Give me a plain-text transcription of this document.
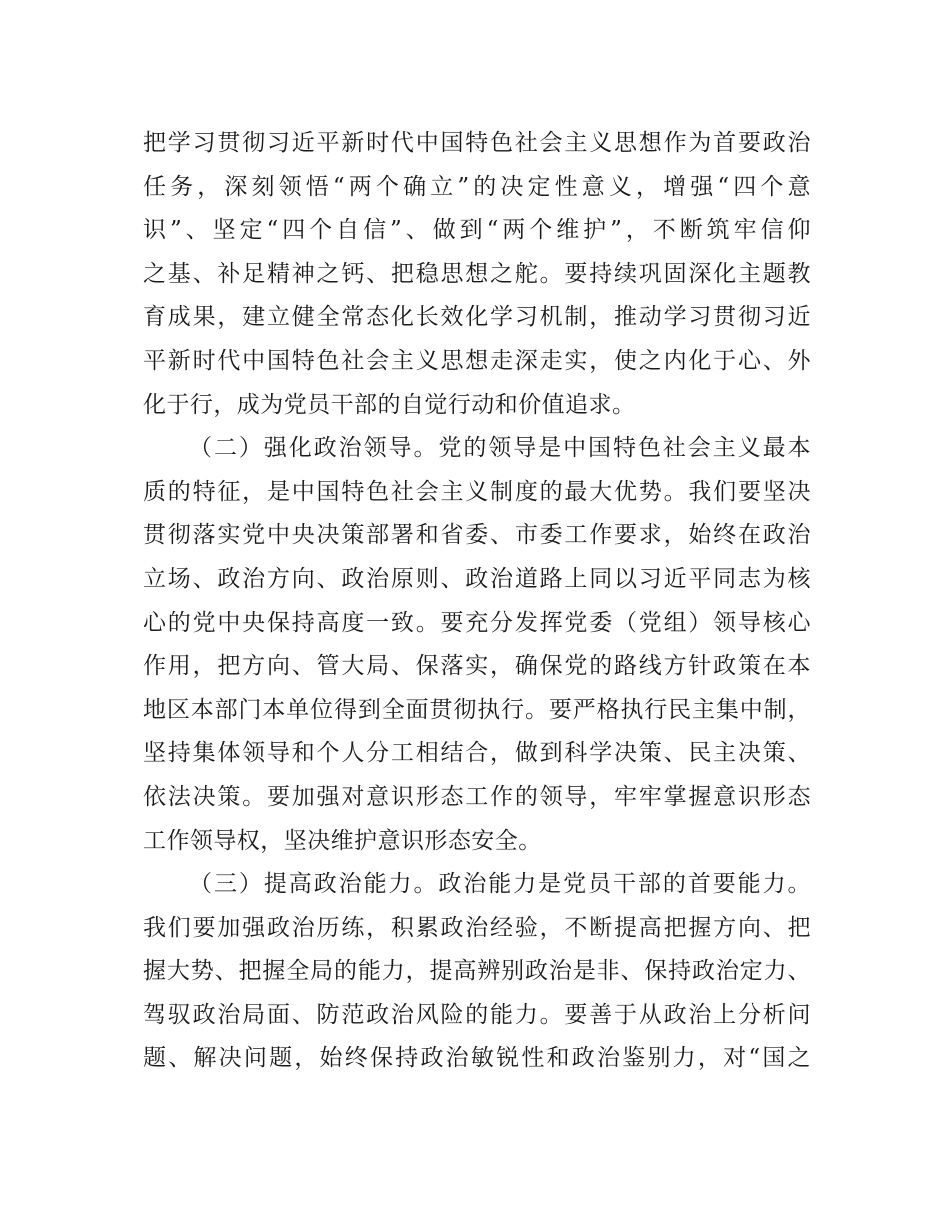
把学习贯彻习近平新时代中国特色社会主义思想作为首要政治
任务，深刻领悟“两个确立”的决定性意义，增强“四个意
识”、坚定“四个自信”、做到“两个维护”，不断筑牢信仰
之基、补足精神之钙、把稳思想之舵。要持续巩固深化主题教
育成果，建立健全常态化长效化学习机制，推动学习贯彻习近
平新时代中国特色社会主义思想走深走实，使之内化于心、外
化于行，成为党员干部的自觉行动和价值追求。
（二）强化政治领导。党的领导是中国特色社会主义最本
质的特征，是中国特色社会主义制度的最大优势。我们要坚决
贯彻落实党中央决策部署和省委、市委工作要求，始终在政治
立场、政治方向、政治原则、政治道路上同以习近平同志为核
心的党中央保持高度一致。要充分发挥党委（党组）领导核心
作用，把方向、管大局、保落实，确保党的路线方针政策在本
地区本部门本单位得到全面贯彻执行。要严格执行民主集中制，
坚持集体领导和个人分工相结合，做到科学决策、民主决策、
依法决策。要加强对意识形态工作的领导，牢牢掌握意识形态
工作领导权，坚决维护意识形态安全。
（三）提高政治能力。政治能力是党员干部的首要能力。
我们要加强政治历练，积累政治经验，不断提高把握方向、把
握大势、把握全局的能力，提高辨别政治是非、保持政治定力、
驾驭政治局面、防范政治风险的能力。要善于从政治上分析问
题、解决问题，始终保持政治敏锐性和政治鉴别力，对“国之
